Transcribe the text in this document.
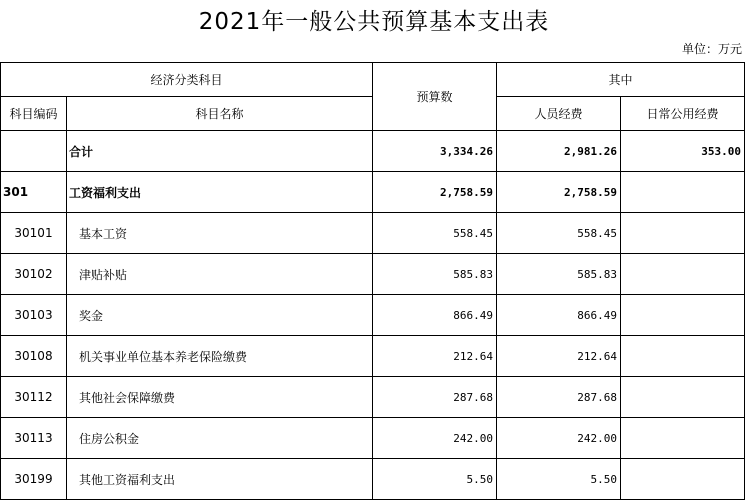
2021年一般公共预算基本支出表
单位：万元
经济分类科目		预算数	其中	
科目编码	科目名称		人员经费	日常公用经费
	合计	3,334.26	2,981.26	353.00
301	工资福利支出	2,758.59	2,758.59	
30101	基本工资	558.45	558.45	
30102	津贴补贴	585.83	585.83	
30103	奖金	866.49	866.49	
30108	机关事业单位基本养老保险缴费	212.64	212.64	
30112	其他社会保障缴费	287.68	287.68	
30113	住房公积金	242.00	242.00	
30199	其他工资福利支出	5.50	5.50	
